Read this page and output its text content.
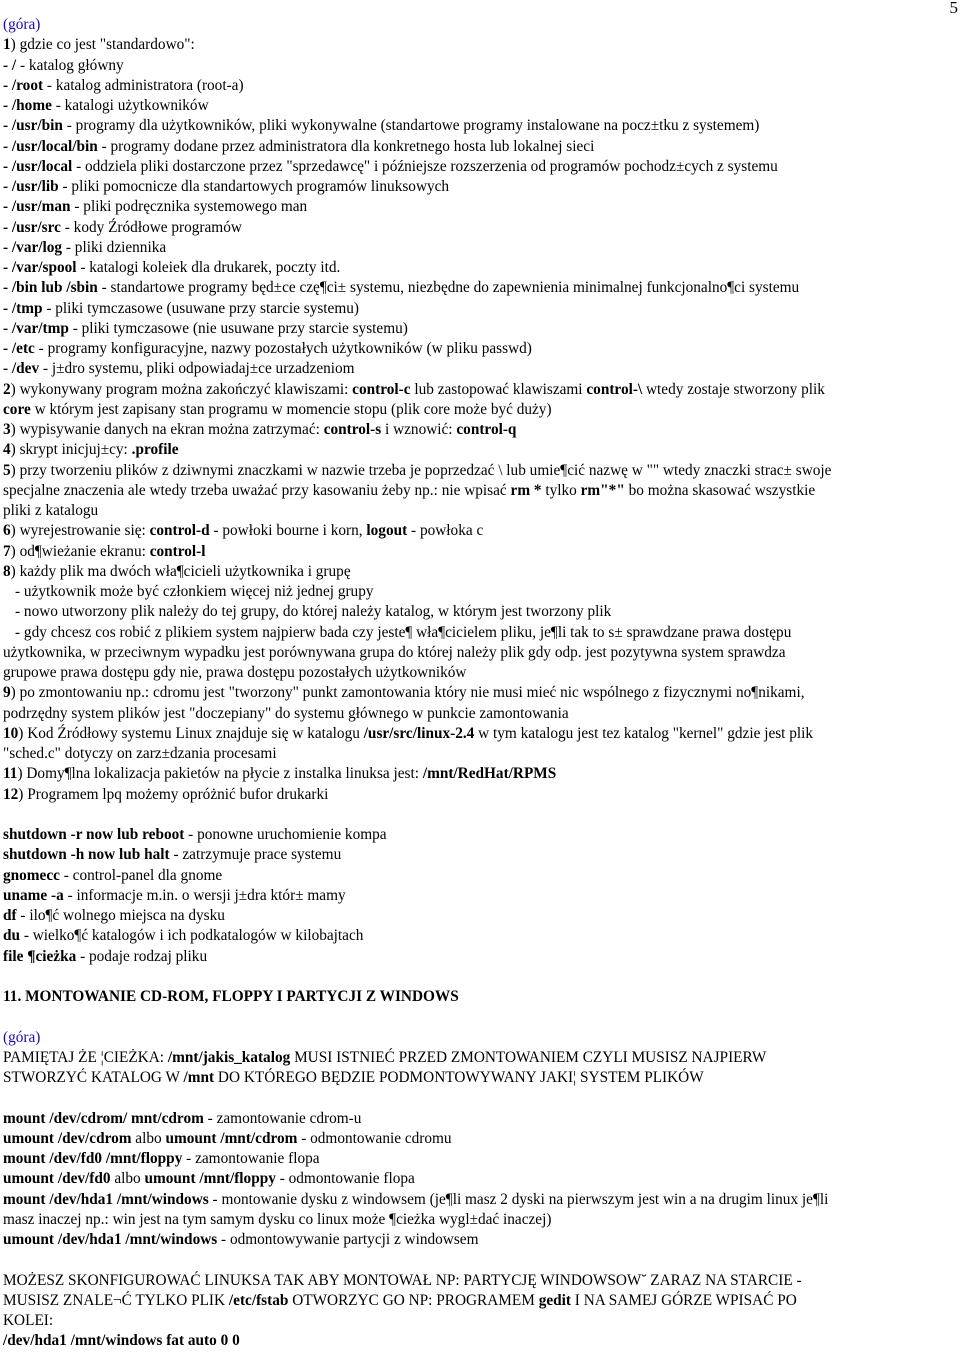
5
(góra)
1) gdzie co jest "standardowo":
- / - katalog główny
- /root - katalog administratora (root-a)
- /home - katalogi użytkowników
- /usr/bin - programy dla użytkowników, pliki wykonywalne (standartowe programy instalowane na pocz±tku z systemem)
- /usr/local/bin - programy dodane przez administratora dla konkretnego hosta lub lokalnej sieci
- /usr/local - oddziela pliki dostarczone przez "sprzedawcę" i późniejsze rozszerzenia od programów pochodz±cych z systemu
- /usr/lib - pliki pomocnicze dla standartowych programów linuksowych
- /usr/man - pliki podręcznika systemowego man
- /usr/src - kody Źródłowe programów
- /var/log - pliki dziennika
- /var/spool - katalogi koleiek dla drukarek, poczty itd.
- /bin lub /sbin - standartowe programy będ±ce czę¶ci± systemu, niezbędne do zapewnienia minimalnej funkcjonalno¶ci systemu
- /tmp - pliki tymczasowe (usuwane przy starcie systemu)
- /var/tmp - pliki tymczasowe (nie usuwane przy starcie systemu)
- /etc - programy konfiguracyjne, nazwy pozostałych użytkowników (w pliku passwd)
- /dev - j±dro systemu, pliki odpowiadaj±ce urzadzeniom
2) wykonywany program można zakończyć klawiszami: control-c lub zastopować klawiszami control-\ wtedy zostaje stworzony plik
core w którym jest zapisany stan programu w momencie stopu (plik core może być duży)
3) wypisywanie danych na ekran można zatrzymać: control-s i wznowić: control-q
4) skrypt inicjuj±cy: .profile
5) przy tworzeniu plików z dziwnymi znaczkami w nazwie trzeba je poprzedzać \ lub umie¶cić nazwę w "" wtedy znaczki strac± swoje
specjalne znaczenia ale wtedy trzeba uważać przy kasowaniu żeby np.: nie wpisać rm * tylko rm"*" bo można skasować wszystkie
pliki z katalogu
6) wyrejestrowanie się: control-d - powłoki bourne i korn, logout - powłoka c
7) od¶wieżanie ekranu: control-l
8) każdy plik ma dwóch wła¶cicieli użytkownika i grupę
- użytkownik może być członkiem więcej niż jednej grupy
- nowo utworzony plik należy do tej grupy, do której należy katalog, w którym jest tworzony plik
- gdy chcesz cos robić z plikiem system najpierw bada czy jeste¶ wła¶cicielem pliku, je¶li tak to s± sprawdzane prawa dostępu
użytkownika, w przeciwnym wypadku jest porównywana grupa do której należy plik gdy odp. jest pozytywna system sprawdza
grupowe prawa dostępu gdy nie, prawa dostępu pozostałych użytkowników
9) po zmontowaniu np.: cdromu jest "tworzony" punkt zamontowania który nie musi mieć nic wspólnego z fizycznymi no¶nikami,
podrzędny system plików jest "doczepiany" do systemu głównego w punkcie zamontowania
10) Kod Źródłowy systemu Linux znajduje się w katalogu /usr/src/linux-2.4 w tym katalogu jest tez katalog "kernel" gdzie jest plik
"sched.c" dotyczy on zarz±dzania procesami
11) Domy¶lna lokalizacja pakietów na płycie z instalka linuksa jest: /mnt/RedHat/RPMS
12) Programem lpq możemy opróżnić bufor drukarki
shutdown -r now lub reboot - ponowne uruchomienie kompa
shutdown -h now lub halt - zatrzymuje prace systemu
gnomecc - control-panel dla gnome
uname -a - informacje m.in. o wersji j±dra któr± mamy
df - ilo¶ć wolnego miejsca na dysku
du - wielko¶ć katalogów i ich podkatalogów w kilobajtach
file ¶cieżka - podaje rodzaj pliku
11. MONTOWANIE CD-ROM, FLOPPY I PARTYCJI Z WINDOWS
(góra)
PAMIĘTAJ ŻE ¦CIEŻKA: /mnt/jakis_katalog MUSI ISTNIEĆ PRZED ZMONTOWANIEM CZYLI MUSISZ NAJPIERW
STWORZYĆ KATALOG W /mnt DO KTÓREGO BĘDZIE PODMONTOWYWANY JAKI¦ SYSTEM PLIKÓW
mount /dev/cdrom/ mnt/cdrom - zamontowanie cdrom-u
umount /dev/cdrom albo umount /mnt/cdrom - odmontowanie cdromu
mount /dev/fd0 /mnt/floppy - zamontowanie flopa
umount /dev/fd0 albo umount /mnt/floppy - odmontowanie flopa
mount /dev/hda1 /mnt/windows - montowanie dysku z windowsem (je¶li masz 2 dyski na pierwszym jest win a na drugim linux je¶li
masz inaczej np.: win jest na tym samym dysku co linux może ¶cieżka wygl±dać inaczej)
umount /dev/hda1 /mnt/windows - odmontowywanie partycji z windowsem
MOŻESZ SKONFIGUROWAĆ LINUKSA TAK ABY MONTOWAŁ NP: PARTYCJĘ WINDOWSOW˘ ZARAZ NA STARCIE -
MUSISZ ZNALE¬Ć TYLKO PLIK /etc/fstab OTWORZYC GO NP: PROGRAMEM gedit I NA SAMEJ GÓRZE WPISAĆ PO
KOLEI:
/dev/hda1 /mnt/windows fat auto 0 0
